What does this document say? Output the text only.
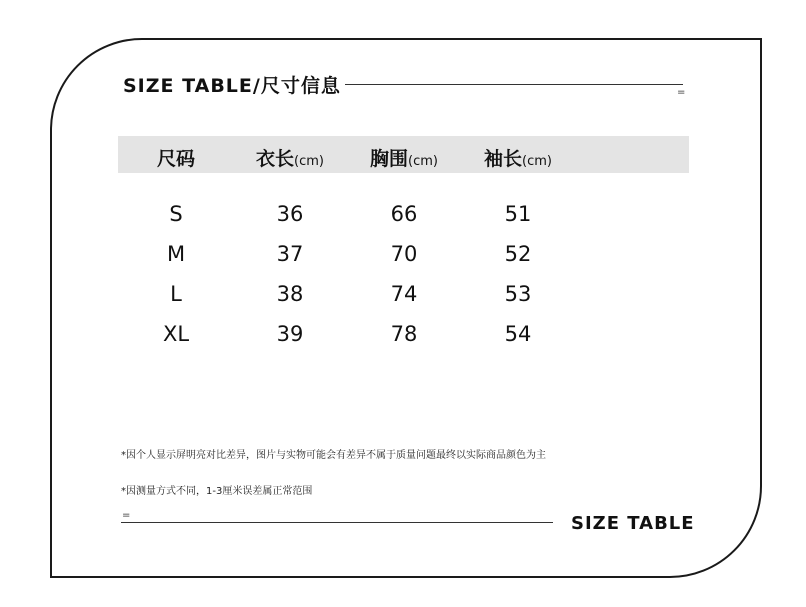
SIZE TABLE/尺寸信息	=
尺码	衣长(cm)	胸围(cm)	袖长(cm)
S	36	66	51
M	37	70	52
L	38	74	53
XL	39	78	54
*因个人显示屏明亮对比差异，图片与实物可能会有差异不属于质量问题最终以实际商品颜色为主
*因测量方式不同，1-3厘米误差属正常范围
=	SIZE TABLE
